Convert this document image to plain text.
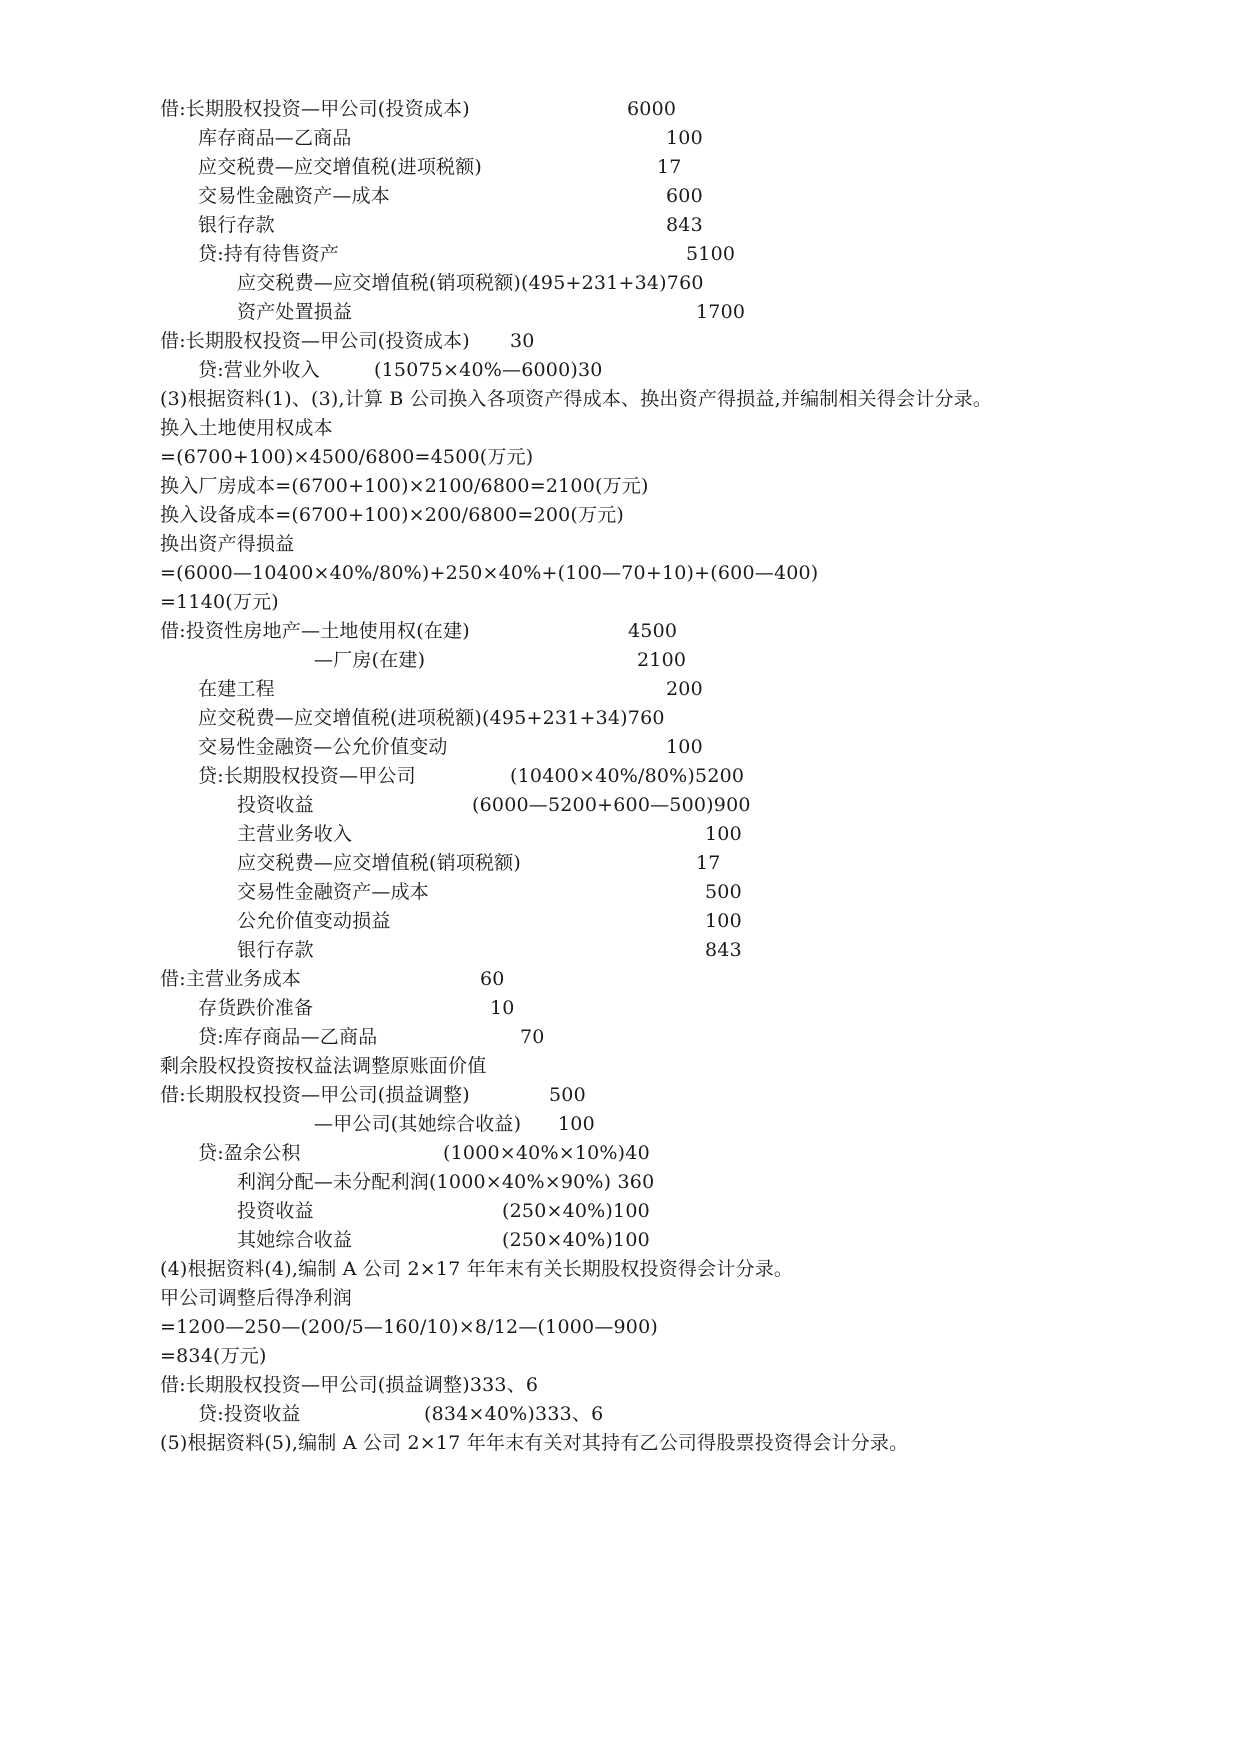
借:长期股权投资—甲公司(投资成本)	6000
库存商品—乙商品	100
应交税费—应交增值税(进项税额)	17
交易性金融资产—成本	600
银行存款	843
贷:持有待售资产	5100
应交税费—应交增值税(销项税额)(495+231+34)760
资产处置损益	1700
借:长期股权投资—甲公司(投资成本) 30
贷:营业外收入	(15075×40%—6000)30
(3)根据资料(1)、(3),计算 B 公司换入各项资产得成本、换出资产得损益,并编制相关得会计分录。
换入土地使用权成本
=(6700+100)×4500/6800=4500(万元)
换入厂房成本=(6700+100)×2100/6800=2100(万元)
换入设备成本=(6700+100)×200/6800=200(万元)
换出资产得损益
=(6000—10400×40%/80%)+250×40%+(100—70+10)+(600—400)
=1140(万元)
借:投资性房地产—土地使用权(在建)	4500
—厂房(在建)	2100
在建工程	200
应交税费—应交增值税(进项税额)(495+231+34)760
交易性金融资—公允价值变动	100
贷:长期股权投资—甲公司	(10400×40%/80%)5200
投资收益	(6000—5200+600—500)900
主营业务收入	100
应交税费—应交增值税(销项税额)	17
交易性金融资产—成本	500
公允价值变动损益	100
银行存款	843
借:主营业务成本	60
存货跌价准备	10
贷:库存商品—乙商品	70
剩余股权投资按权益法调整原账面价值
借:长期股权投资—甲公司(损益调整)	500
—甲公司(其她综合收益) 100
贷:盈余公积	(1000×40%×10%)40
利润分配—未分配利润(1000×40%×90%) 360
投资收益	(250×40%)100
其她综合收益	(250×40%)100
(4)根据资料(4),编制 A 公司 2×17 年年末有关长期股权投资得会计分录。
甲公司调整后得净利润
=1200—250—(200/5—160/10)×8/12—(1000—900)
=834(万元)
借:长期股权投资—甲公司(损益调整)333、6
贷:投资收益	(834×40%)333、6
(5)根据资料(5),编制 A 公司 2×17 年年末有关对其持有乙公司得股票投资得会计分录。
